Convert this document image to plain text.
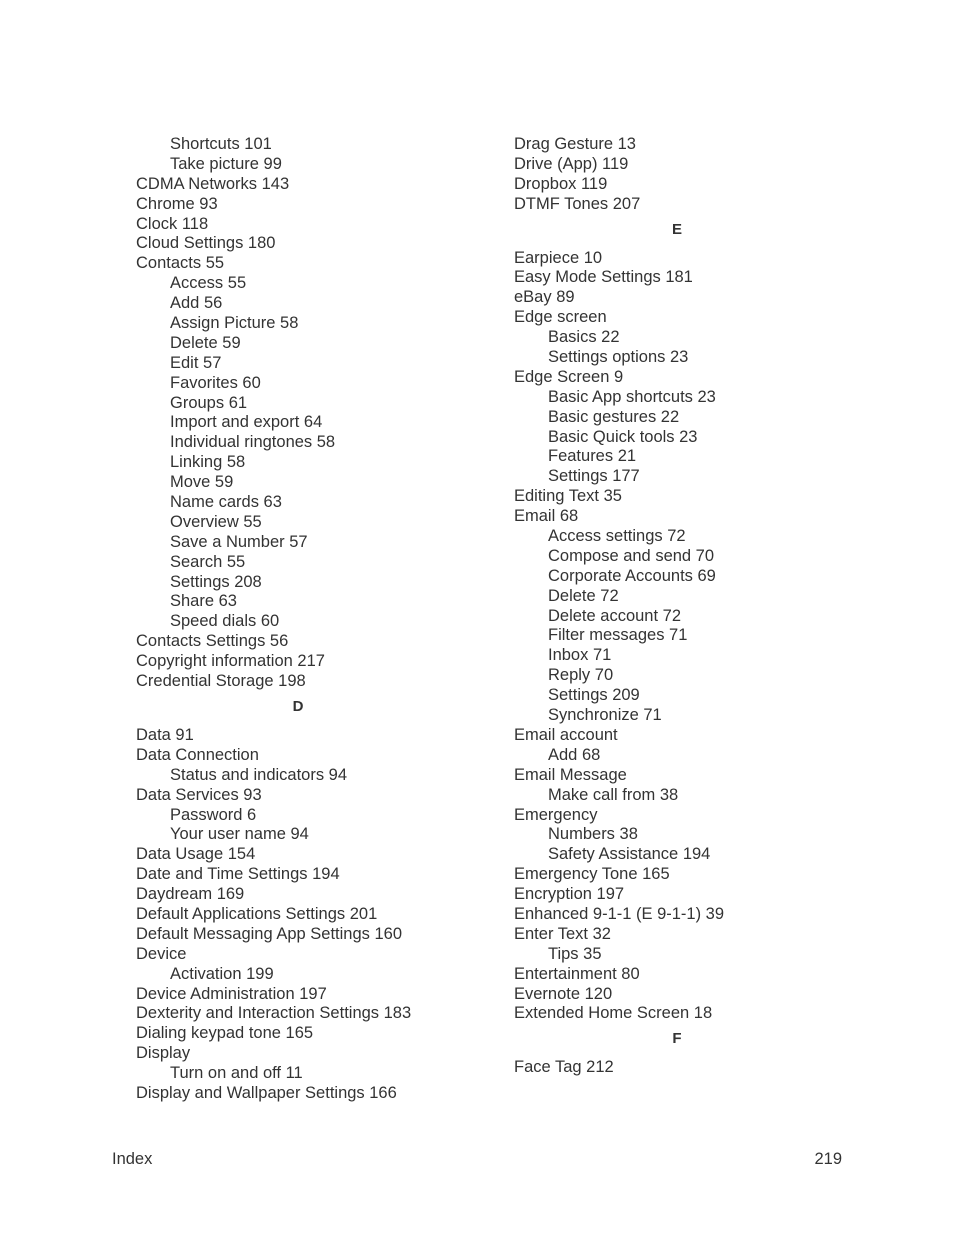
Shortcuts 101
Take picture 99
CDMA Networks 143
Chrome 93
Clock 118
Cloud Settings 180
Contacts 55
Access 55
Add 56
Assign Picture 58
Delete 59
Edit 57
Favorites 60
Groups 61
Import and export 64
Individual ringtones 58
Linking 58
Move 59
Name cards 63
Overview 55
Save a Number 57
Search 55
Settings 208
Share 63
Speed dials 60
Contacts Settings 56
Copyright information 217
Credential Storage 198
D
Data 91
Data Connection
Status and indicators 94
Data Services 93
Password 6
Your user name 94
Data Usage 154
Date and Time Settings 194
Daydream 169
Default Applications Settings 201
Default Messaging App Settings 160
Device
Activation 199
Device Administration 197
Dexterity and Interaction Settings 183
Dialing keypad tone 165
Display
Turn on and off 11
Display and Wallpaper Settings 166
Drag Gesture 13
Drive (App) 119
Dropbox 119
DTMF Tones 207
E
Earpiece 10
Easy Mode Settings 181
eBay 89
Edge screen
Basics 22
Settings options 23
Edge Screen 9
Basic App shortcuts 23
Basic gestures 22
Basic Quick tools 23
Features 21
Settings 177
Editing Text 35
Email 68
Access settings 72
Compose and send 70
Corporate Accounts 69
Delete 72
Delete account 72
Filter messages 71
Inbox 71
Reply 70
Settings 209
Synchronize 71
Email account
Add 68
Email Message
Make call from 38
Emergency
Numbers 38
Safety Assistance 194
Emergency Tone 165
Encryption 197
Enhanced 9-1-1 (E 9-1-1) 39
Enter Text 32
Tips 35
Entertainment 80
Evernote 120
Extended Home Screen 18
F
Face Tag 212
Index	219
